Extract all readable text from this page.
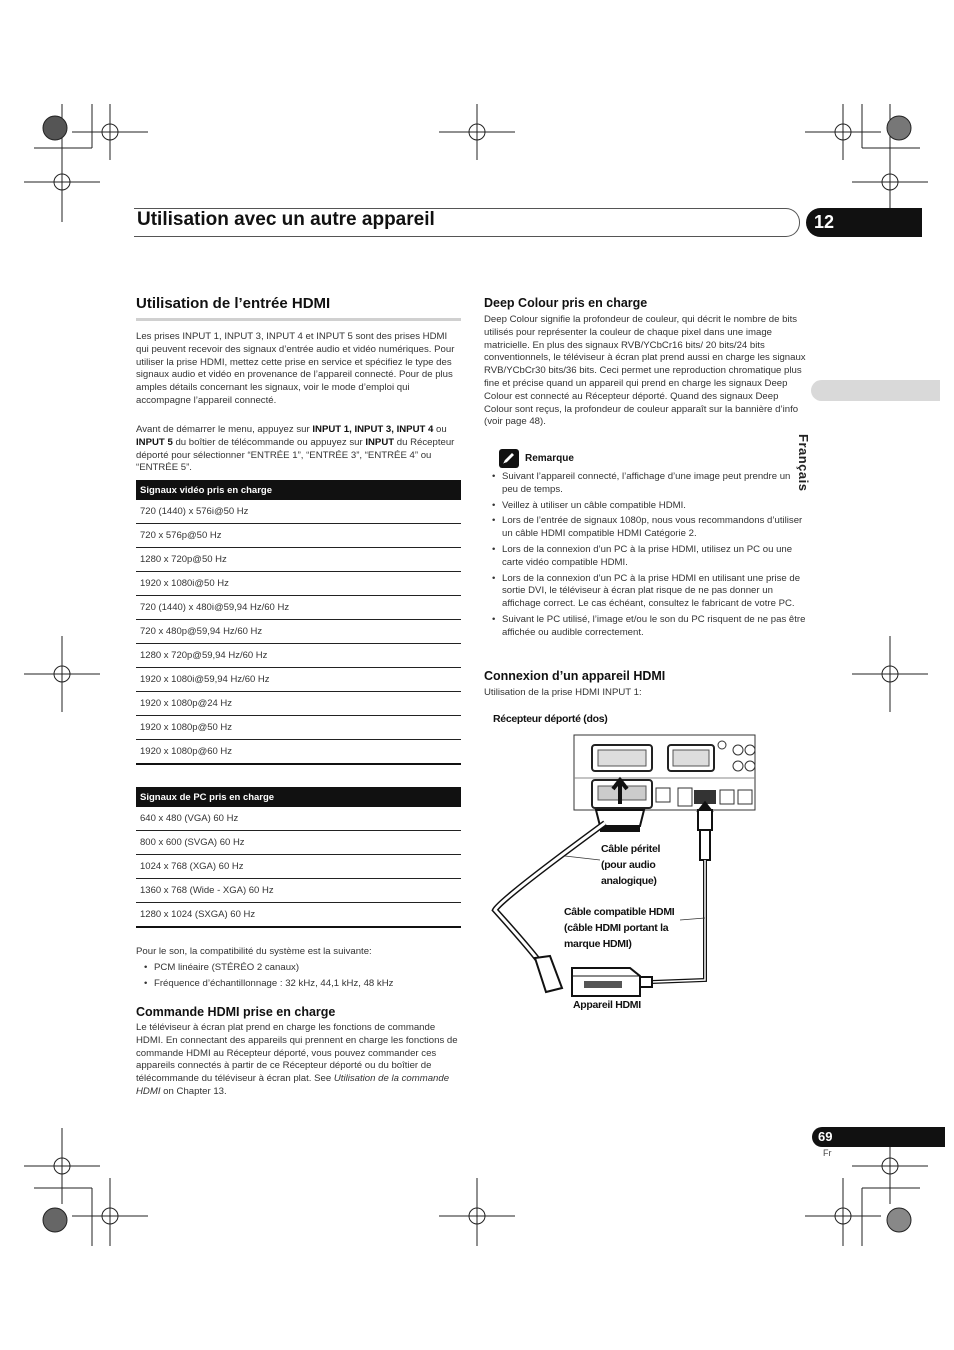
Utilisation avec un autre appareil	12
Français
Utilisation de l’entrée HDMI

Les prises INPUT 1, INPUT 3, INPUT 4 et INPUT 5 sont des prises HDMI qui peuvent recevoir des signaux d’entrée audio et vidéo numériques. Pour utiliser la prise HDMI, mettez cette prise en service et spécifiez le type des signaux audio et vidéo en provenance de l’appareil connecté. Pour de plus amples détails concernant les signaux, voir le mode d’emploi qui accompagne l’appareil connecté.

Avant de démarrer le menu, appuyez sur INPUT 1, INPUT 3, INPUT 4 ou INPUT 5 du boîtier de télécommande ou appuyez sur INPUT du Récepteur déporté pour sélectionner “ENTRÉE 1”, “ENTRÉE 3”, “ENTRÉE 4” ou “ENTRÉE 5”.

Signaux vidéo pris en charge
720 (1440) x 576i@50 Hz
720 x 576p@50 Hz
1280 x 720p@50 Hz
1920 x 1080i@50 Hz
720 (1440) x 480i@59,94 Hz/60 Hz
720 x 480p@59,94 Hz/60 Hz
1280 x 720p@59,94 Hz/60 Hz
1920 x 1080i@59,94 Hz/60 Hz
1920 x 1080p@24 Hz
1920 x 1080p@50 Hz
1920 x 1080p@60 Hz
Signaux de PC pris en charge
640 x 480 (VGA) 60 Hz
800 x 600 (SVGA) 60 Hz
1024 x 768 (XGA) 60 Hz
1360 x 768 (Wide - XGA) 60 Hz
1280 x 1024 (SXGA) 60 Hz

Pour le son, la compatibilité du système est la suivante:

• PCM linéaire (STÉRÉO 2 canaux)
• Fréquence d’échantillonnage : 32 kHz, 44,1 kHz, 48 kHz
Commande HDMI prise en charge

Le téléviseur à écran plat prend en charge les fonctions de commande HDMI. En connectant des appareils qui prennent en charge les fonctions de commande HDMI au Récepteur déporté, vous pouvez commander ces appareils connectés à partir de ce Récepteur déporté ou du boîtier de télécommande du téléviseur à écran plat. See Utilisation de la commande HDMI on Chapter 13.

Deep Colour pris en charge

Deep Colour signifie la profondeur de couleur, qui décrit le nombre de bits utilisés pour représenter la couleur de chaque pixel dans une image matricielle. En plus des signaux RVB/YCbCr16 bits/ 20 bits/24 bits conventionnels, le téléviseur à écran plat prend aussi en charge les signaux RVB/YCbCr30 bits/36 bits. Ceci permet une reproduction chromatique plus fine et précise quand un appareil qui prend en charge les signaux Deep Colour est connecté au Récepteur déporté. Quand des signaux Deep Colour sont reçus, la profondeur de couleur apparaît sur la bannière d’info (voir page 48).

Remarque
• Suivant l’appareil connecté, l’affichage d’une image peut prendre un peu de temps.
• Veillez à utiliser un câble compatible HDMI.
• Lors de l’entrée de signaux 1080p, nous vous recommandons d’utiliser un câble HDMI compatible HDMI Catégorie 2.
• Lors de la connexion d’un PC à la prise HDMI, utilisez un PC ou une carte vidéo compatible HDMI.
• Lors de la connexion d’un PC à la prise HDMI en utilisant une prise de sortie DVI, le téléviseur à écran plat risque de ne pas donner un affichage correct. Le cas échéant, consultez le fabricant de votre PC.
• Suivant le PC utilisé, l’image et/ou le son du PC risquent de ne pas être affichée ou audible correctement.
Connexion d’un appareil HDMI

Utilisation de la prise HDMI INPUT 1:

Récepteur déporté (dos)
Câble péritel (pour audio analogique)
Câble compatible HDMI (câble HDMI portant la marque HDMI)
Appareil HDMI
69
Fr
